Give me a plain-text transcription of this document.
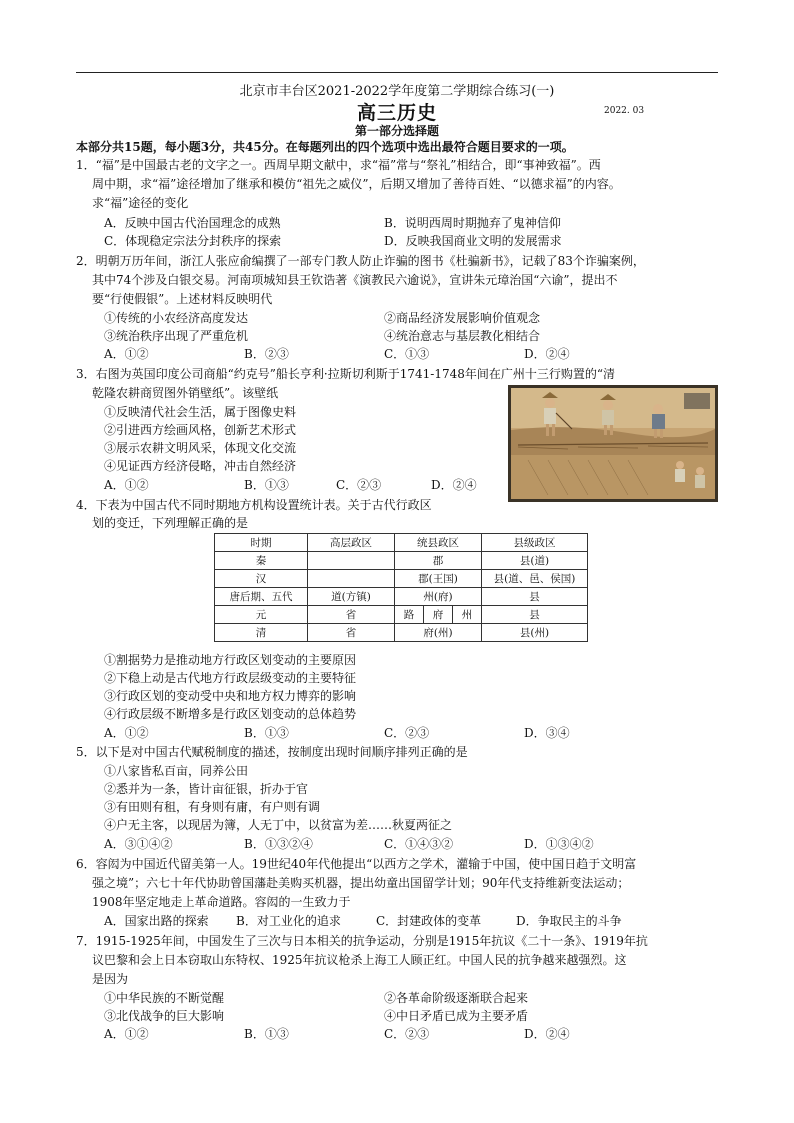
北京市丰台区2021-2022学年度第二学期综合练习(一)
高三历史	2022. 03
第一部分选择题
本部分共15题，每小题3分，共45分。在每题列出的四个选项中选出最符合题目要求的一项。
1．“福”是中国最古老的文字之一。西周早期文献中，求“福”常与“祭礼”相结合，即“事神致福”。西
周中期，求“福”途径增加了继承和模仿“祖先之威仪”，后期又增加了善待百姓、“以德求福”的内容。
求“福”途径的变化
A．反映中国古代治国理念的成熟	B．说明西周时期抛弃了鬼神信仰
C．体现稳定宗法分封秩序的探索	D．反映我国商业文明的发展需求
2．明朝万历年间，浙江人张应俞编撰了一部专门教人防止诈骗的图书《杜骗新书》，记载了83个诈骗案例，
其中74个涉及白银交易。河南项城知县王钦诰著《演教民六逾说》，宣讲朱元璋治国“六谕”，提出不
要“行使假银”。上述材料反映明代
①传统的小农经济高度发达	②商品经济发展影响价值观念
③统治秩序出现了严重危机	④统治意志与基层教化相结合
A．①②	B．②③	C．①③	D．②④
3．右图为英国印度公司商船“约克号”船长亨利·拉斯切利斯于1741-1748年间在广州十三行购置的“清
乾隆农耕商贸图外销壁纸”。该壁纸
①反映清代社会生活，属于图像史料
②引进西方绘画风格，创新艺术形式
③展示农耕文明风采，体现文化交流
④见证西方经济侵略，冲击自然经济
A．①②	B．①③	C．②③	D．②④
4．下表为中国古代不同时期地方机构设置统计表。关于古代行政区
划的变迁，下列理解正确的是
时期	高层政区	统县政区	县级政区
秦		郡	县(道)
汉		郡(王国)	县(道、邑、侯国)
唐后期、五代	道(方镇)	州(府)	县
元	省	路 府 州	县
清	省	府(州)	县(州)
①割据势力是推动地方行政区划变动的主要原因
②下稳上动是古代地方行政层级变动的主要特征
③行政区划的变动受中央和地方权力博弈的影响
④行政层级不断增多是行政区划变动的总体趋势
A．①②	B．①③	C．②③	D．③④
5．以下是对中国古代赋税制度的描述，按制度出现时间顺序排列正确的是
①八家皆私百亩，同养公田
②悉并为一条，皆计亩征银，折办于官
③有田则有租，有身则有庸，有户则有调
④户无主客，以现居为簿，人无丁中，以贫富为差……秋夏两征之
A．③①④②	B．①③②④	C．①④③②	D．①③④②
6．容闳为中国近代留美第一人。19世纪40年代他提出“以西方之学术，灌输于中国，使中国日趋于文明富
强之境”；六七十年代协助曾国藩赴美购买机器，提出幼童出国留学计划；90年代支持维新变法运动；
1908年坚定地走上革命道路。容闳的一生致力于
A．国家出路的探索 B．对工业化的追求	C．封建政体的变革	D．争取民主的斗争
7．1915-1925年间，中国发生了三次与日本相关的抗争运动，分别是1915年抗议《二十一条》、1919年抗
议巴黎和会上日本窃取山东特权、1925年抗议枪杀上海工人顾正红。中国人民的抗争越来越强烈。这
是因为
①中华民族的不断觉醒	②各革命阶级逐渐联合起来
③北伐战争的巨大影响	④中日矛盾已成为主要矛盾
A．①②	B．①③	C．②③	D．②④
